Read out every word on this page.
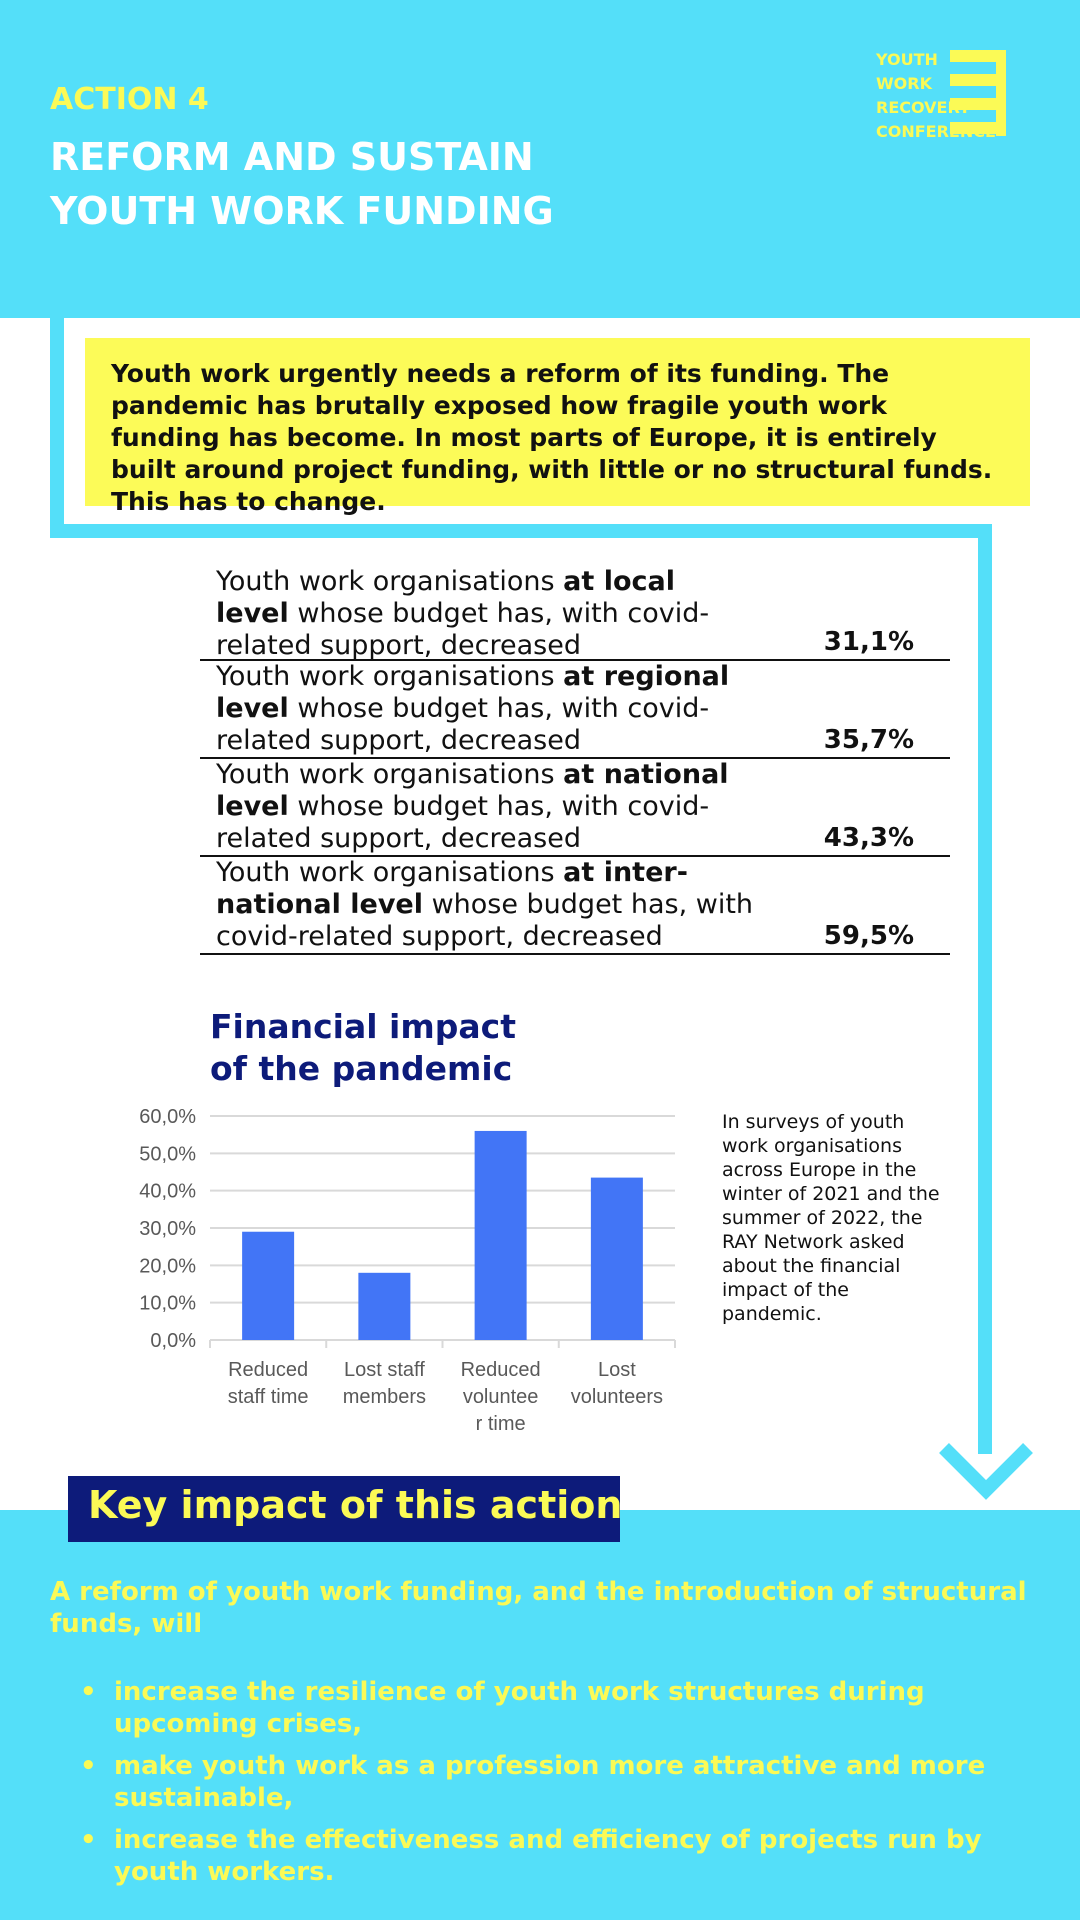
ACTION 4
REFORM AND SUSTAIN
YOUTH WORK FUNDING
YOUTH
WORK
RECOVERY
CONFERENCE

Youth work urgently needs a reform of its funding. The pandemic has brutally exposed how fragile youth work funding has become. In most parts of Europe, it is entirely built around project funding, with little or no structural funds. This has to change.

Youth work organisations at local level whose budget has, with covid-related support, decreased	31,1%
Youth work organisations at regional level whose budget has, with covid-related support, decreased	35,7%
Youth work organisations at national level whose budget has, with covid-related support, decreased	43,3%
Youth work organisations at inter-national level whose budget has, with covid-related support, decreased	59,5%
Financial impact
of the pandemic
0,0%
10,0%
20,0%
30,0%
40,0%
50,0%
60,0%
Reduced
staff time
Lost staff
members
Reduced
voluntee
r time
Lost
volunteers
In surveys of youth work organisations across Europe in the winter of 2021 and the summer of 2022, the RAY Network asked about the financial impact of the pandemic.
Key impact of this action
A reform of youth work funding, and the introduction of structural funds, will
• increase the resilience of youth work structures during upcoming crises,
• make youth work as a profession more attractive and more sustainable,
• increase the effectiveness and efficiency of projects run by youth workers.
